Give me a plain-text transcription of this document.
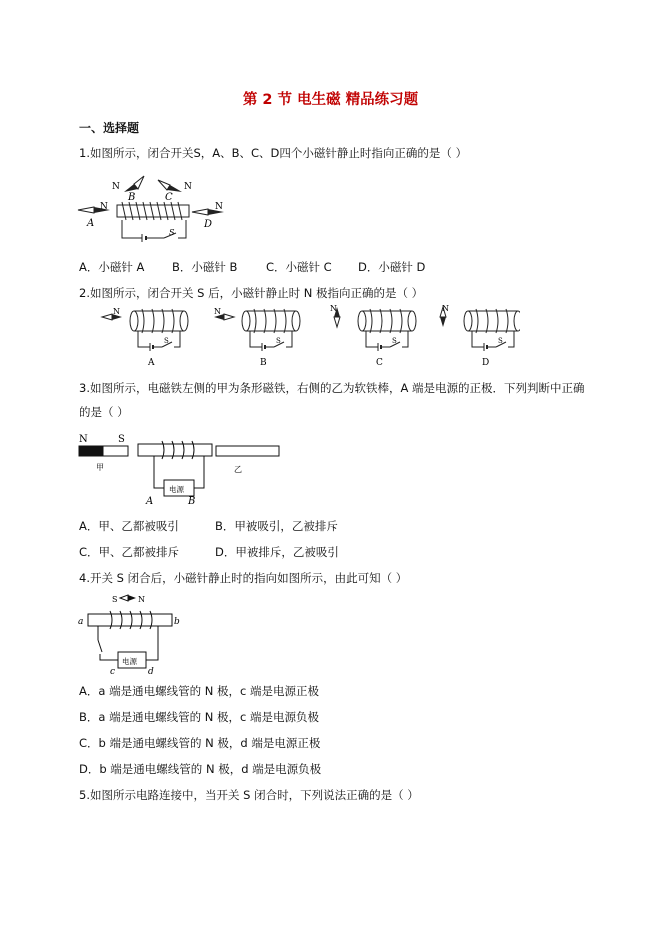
第 2 节 电生磁 精品练习题
一、选择题
1.如图所示，闭合开关S，A、B、C、D四个小磁针静止时指向正确的是（ ）
S
N
A
N
B
N
C
N
D
A．小磁针 A B．小磁针 B C．小磁针 C D．小磁针 D
2.如图所示，闭合开关 S 后，小磁针静止时 N 极指向正确的是（ ）
N
S
A
N
S
B
N
S
C
N
S
D
3.如图所示，电磁铁左侧的甲为条形磁铁，右侧的乙为软铁棒，A 端是电源的正极．下列判断中正确
的是（ ）
N	S
甲
电源
A	B
乙
A．甲、乙都被吸引	B．甲被吸引，乙被排斥
C．甲、乙都被排斥	D．甲被排斥，乙被吸引
4.开关 S 闭合后，小磁针静止时的指向如图所示，由此可知（ ）
S	N
a	b
电源
c	d
A．a 端是通电螺线管的 N 极，c 端是电源正极
B．a 端是通电螺线管的 N 极，c 端是电源负极
C．b 端是通电螺线管的 N 极，d 端是电源正极
D．b 端是通电螺线管的 N 极，d 端是电源负极
5.如图所示电路连接中，当开关 S 闭合时，下列说法正确的是（ ）
